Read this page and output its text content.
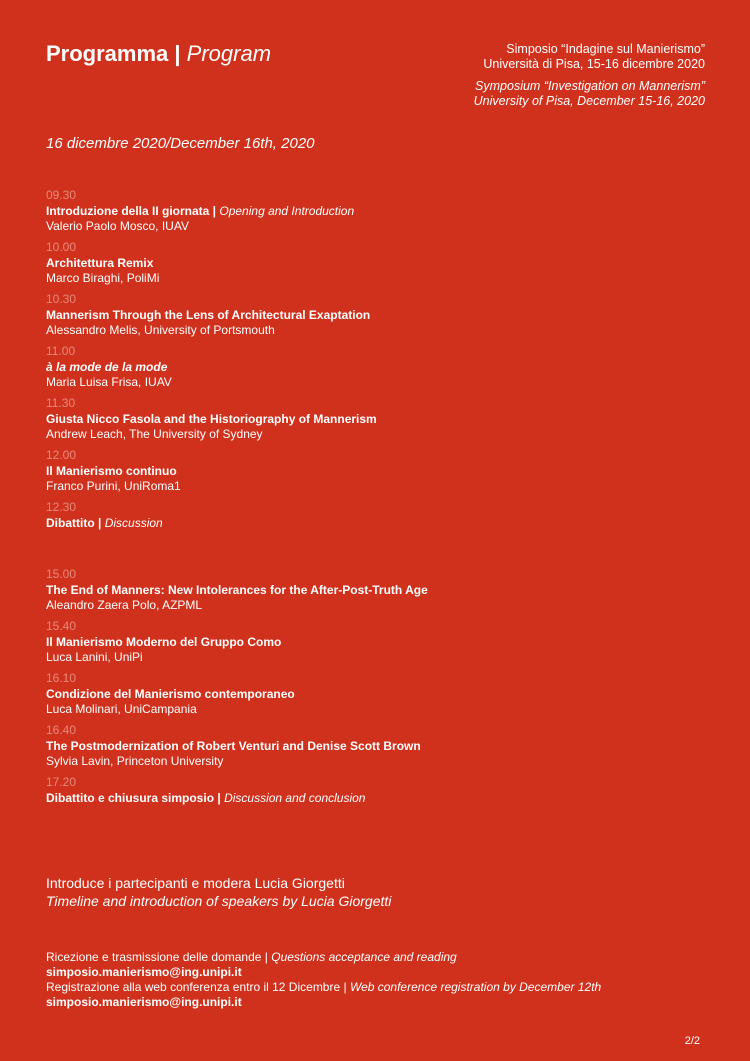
Programma | Program	Simposio “Indagine sul Manierismo”
Università di Pisa, 15-16 dicembre 2020
Symposium “Investigation on Mannerism”
University of Pisa, December 15-16, 2020
16 dicembre 2020/December 16th, 2020
09.30
Introduzione della II giornata | Opening and Introduction
Valerio Paolo Mosco, IUAV
10.00
Architettura Remix
Marco Biraghi, PoliMi
10.30
Mannerism Through the Lens of Architectural Exaptation
Alessandro Melis, University of Portsmouth
11.00
à la mode de la mode
Maria Luisa Frisa, IUAV
11.30
Giusta Nicco Fasola and the Historiography of Mannerism
Andrew Leach, The University of Sydney
12.00
Il Manierismo continuo
Franco Purini, UniRoma1
12.30
Dibattito | Discussion
15.00
The End of Manners: New Intolerances for the After-Post-Truth Age
Aleandro Zaera Polo, AZPML
15.40
Il Manierismo Moderno del Gruppo Como
Luca Lanini, UniPi
16.10
Condizione del Manierismo contemporaneo
Luca Molinari, UniCampania
16.40
The Postmodernization of Robert Venturi and Denise Scott Brown
Sylvia Lavin, Princeton University
17.20
Dibattito e chiusura simposio | Discussion and conclusion
Introduce i partecipanti e modera Lucia Giorgetti
Timeline and introduction of speakers by Lucia Giorgetti
Ricezione e trasmissione delle domande | Questions acceptance and reading
simposio.manierismo@ing.unipi.it
Registrazione alla web conferenza entro il 12 Dicembre | Web conference registration by December 12th
simposio.manierismo@ing.unipi.it
2/2
